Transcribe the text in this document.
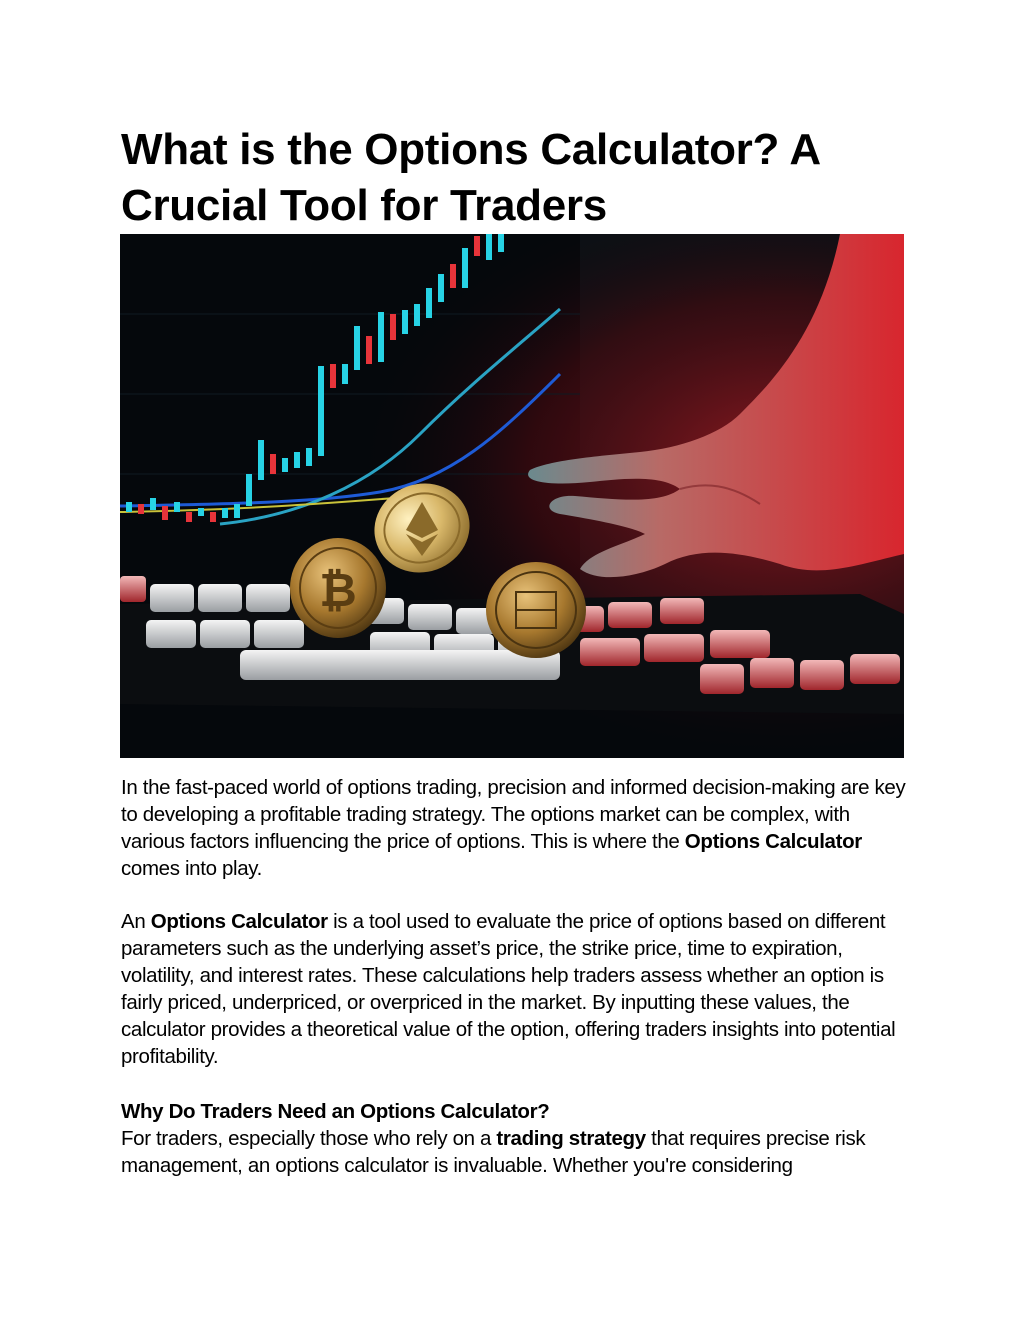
What is the Options Calculator? A Crucial Tool for Traders
₿

In the fast-paced world of options trading, precision and informed decision-making are key to developing a profitable trading strategy. The options market can be complex, with various factors influencing the price of options. This is where the Options Calculator comes into play.

An Options Calculator is a tool used to evaluate the price of options based on different parameters such as the underlying asset’s price, the strike price, time to expiration, volatility, and interest rates. These calculations help traders assess whether an option is fairly priced, underpriced, or overpriced in the market. By inputting these values, the calculator provides a theoretical value of the option, offering traders insights into potential profitability.

Why Do Traders Need an Options Calculator?

For traders, especially those who rely on a trading strategy that requires precise risk management, an options calculator is invaluable. Whether you're considering
